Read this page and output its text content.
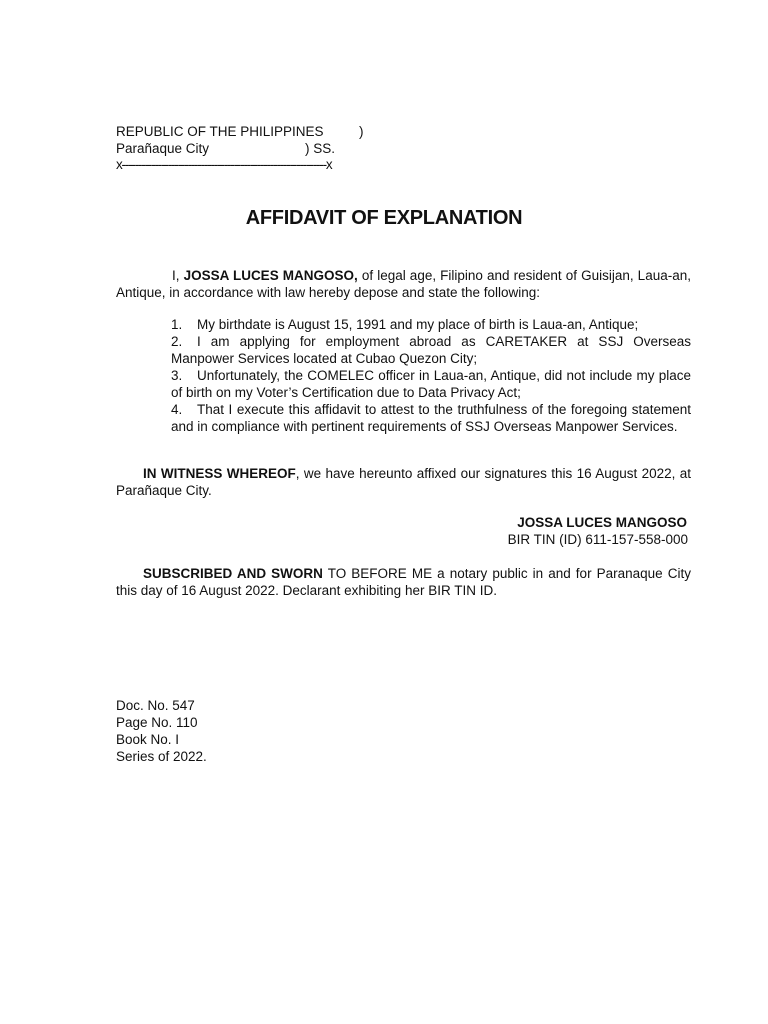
REPUBLIC OF THE PHILIPPINES	)
Parañaque City	) SS.
x--------------------------------------------------------------x
AFFIDAVIT OF EXPLANATION
I, JOSSA LUCES MANGOSO, of legal age, Filipino and resident of Guisijan, Laua-an, Antique, in accordance with law hereby depose and state the following:
1. My birthdate is August 15, 1991 and my place of birth is Laua-an, Antique;
2. I am applying for employment abroad as CARETAKER at SSJ Overseas Manpower Services located at Cubao Quezon City;
3. Unfortunately, the COMELEC officer in Laua-an, Antique, did not include my place of birth on my Voter’s Certification due to Data Privacy Act;
4. That I execute this affidavit to attest to the truthfulness of the foregoing statement and in compliance with pertinent requirements of SSJ Overseas Manpower Services.
IN WITNESS WHEREOF, we have hereunto affixed our signatures this 16 August 2022, at Parañaque City.
JOSSA LUCES MANGOSO
BIR TIN (ID) 611-157-558-000
SUBSCRIBED AND SWORN TO BEFORE ME a notary public in and for Paranaque City this day of 16 August 2022. Declarant exhibiting her BIR TIN ID.
Doc. No. 547
Page No. 110
Book No. I
Series of 2022.
